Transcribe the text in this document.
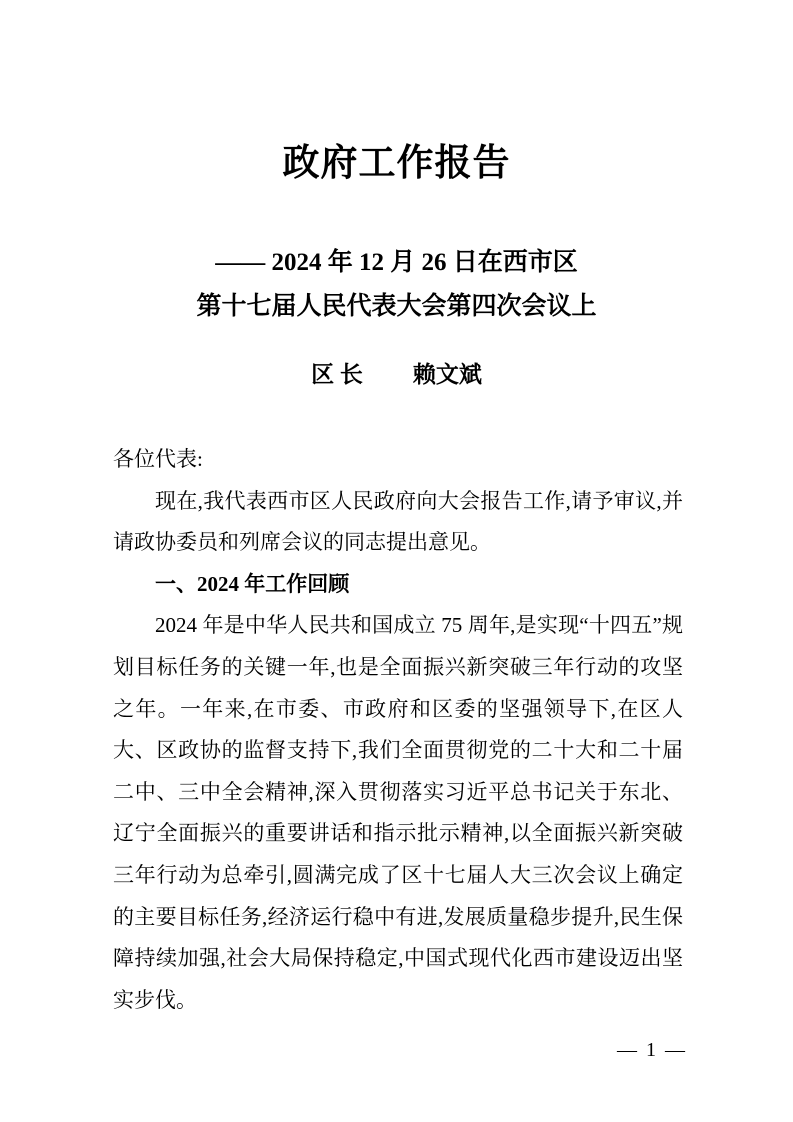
政府工作报告
—— 2024 年 12 月 26 日在西市区
第十七届人民代表大会第四次会议上
区 长 赖文斌

各位代表:

现在,我代表西市区人民政府向大会报告工作,请予审议,并请政协委员和列席会议的同志提出意见。

一、2024 年工作回顾

2024 年是中华人民共和国成立 75 周年,是实现“十四五”规划目标任务的关键一年,也是全面振兴新突破三年行动的攻坚之年。一年来,在市委、市政府和区委的坚强领导下,在区人大、区政协的监督支持下,我们全面贯彻党的二十大和二十届二中、三中全会精神,深入贯彻落实习近平总书记关于东北、辽宁全面振兴的重要讲话和指示批示精神,以全面振兴新突破三年行动为总牵引,圆满完成了区十七届人大三次会议上确定的主要目标任务,经济运行稳中有进,发展质量稳步提升,民生保障持续加强,社会大局保持稳定,中国式现代化西市建设迈出坚实步伐。

— 1 —
